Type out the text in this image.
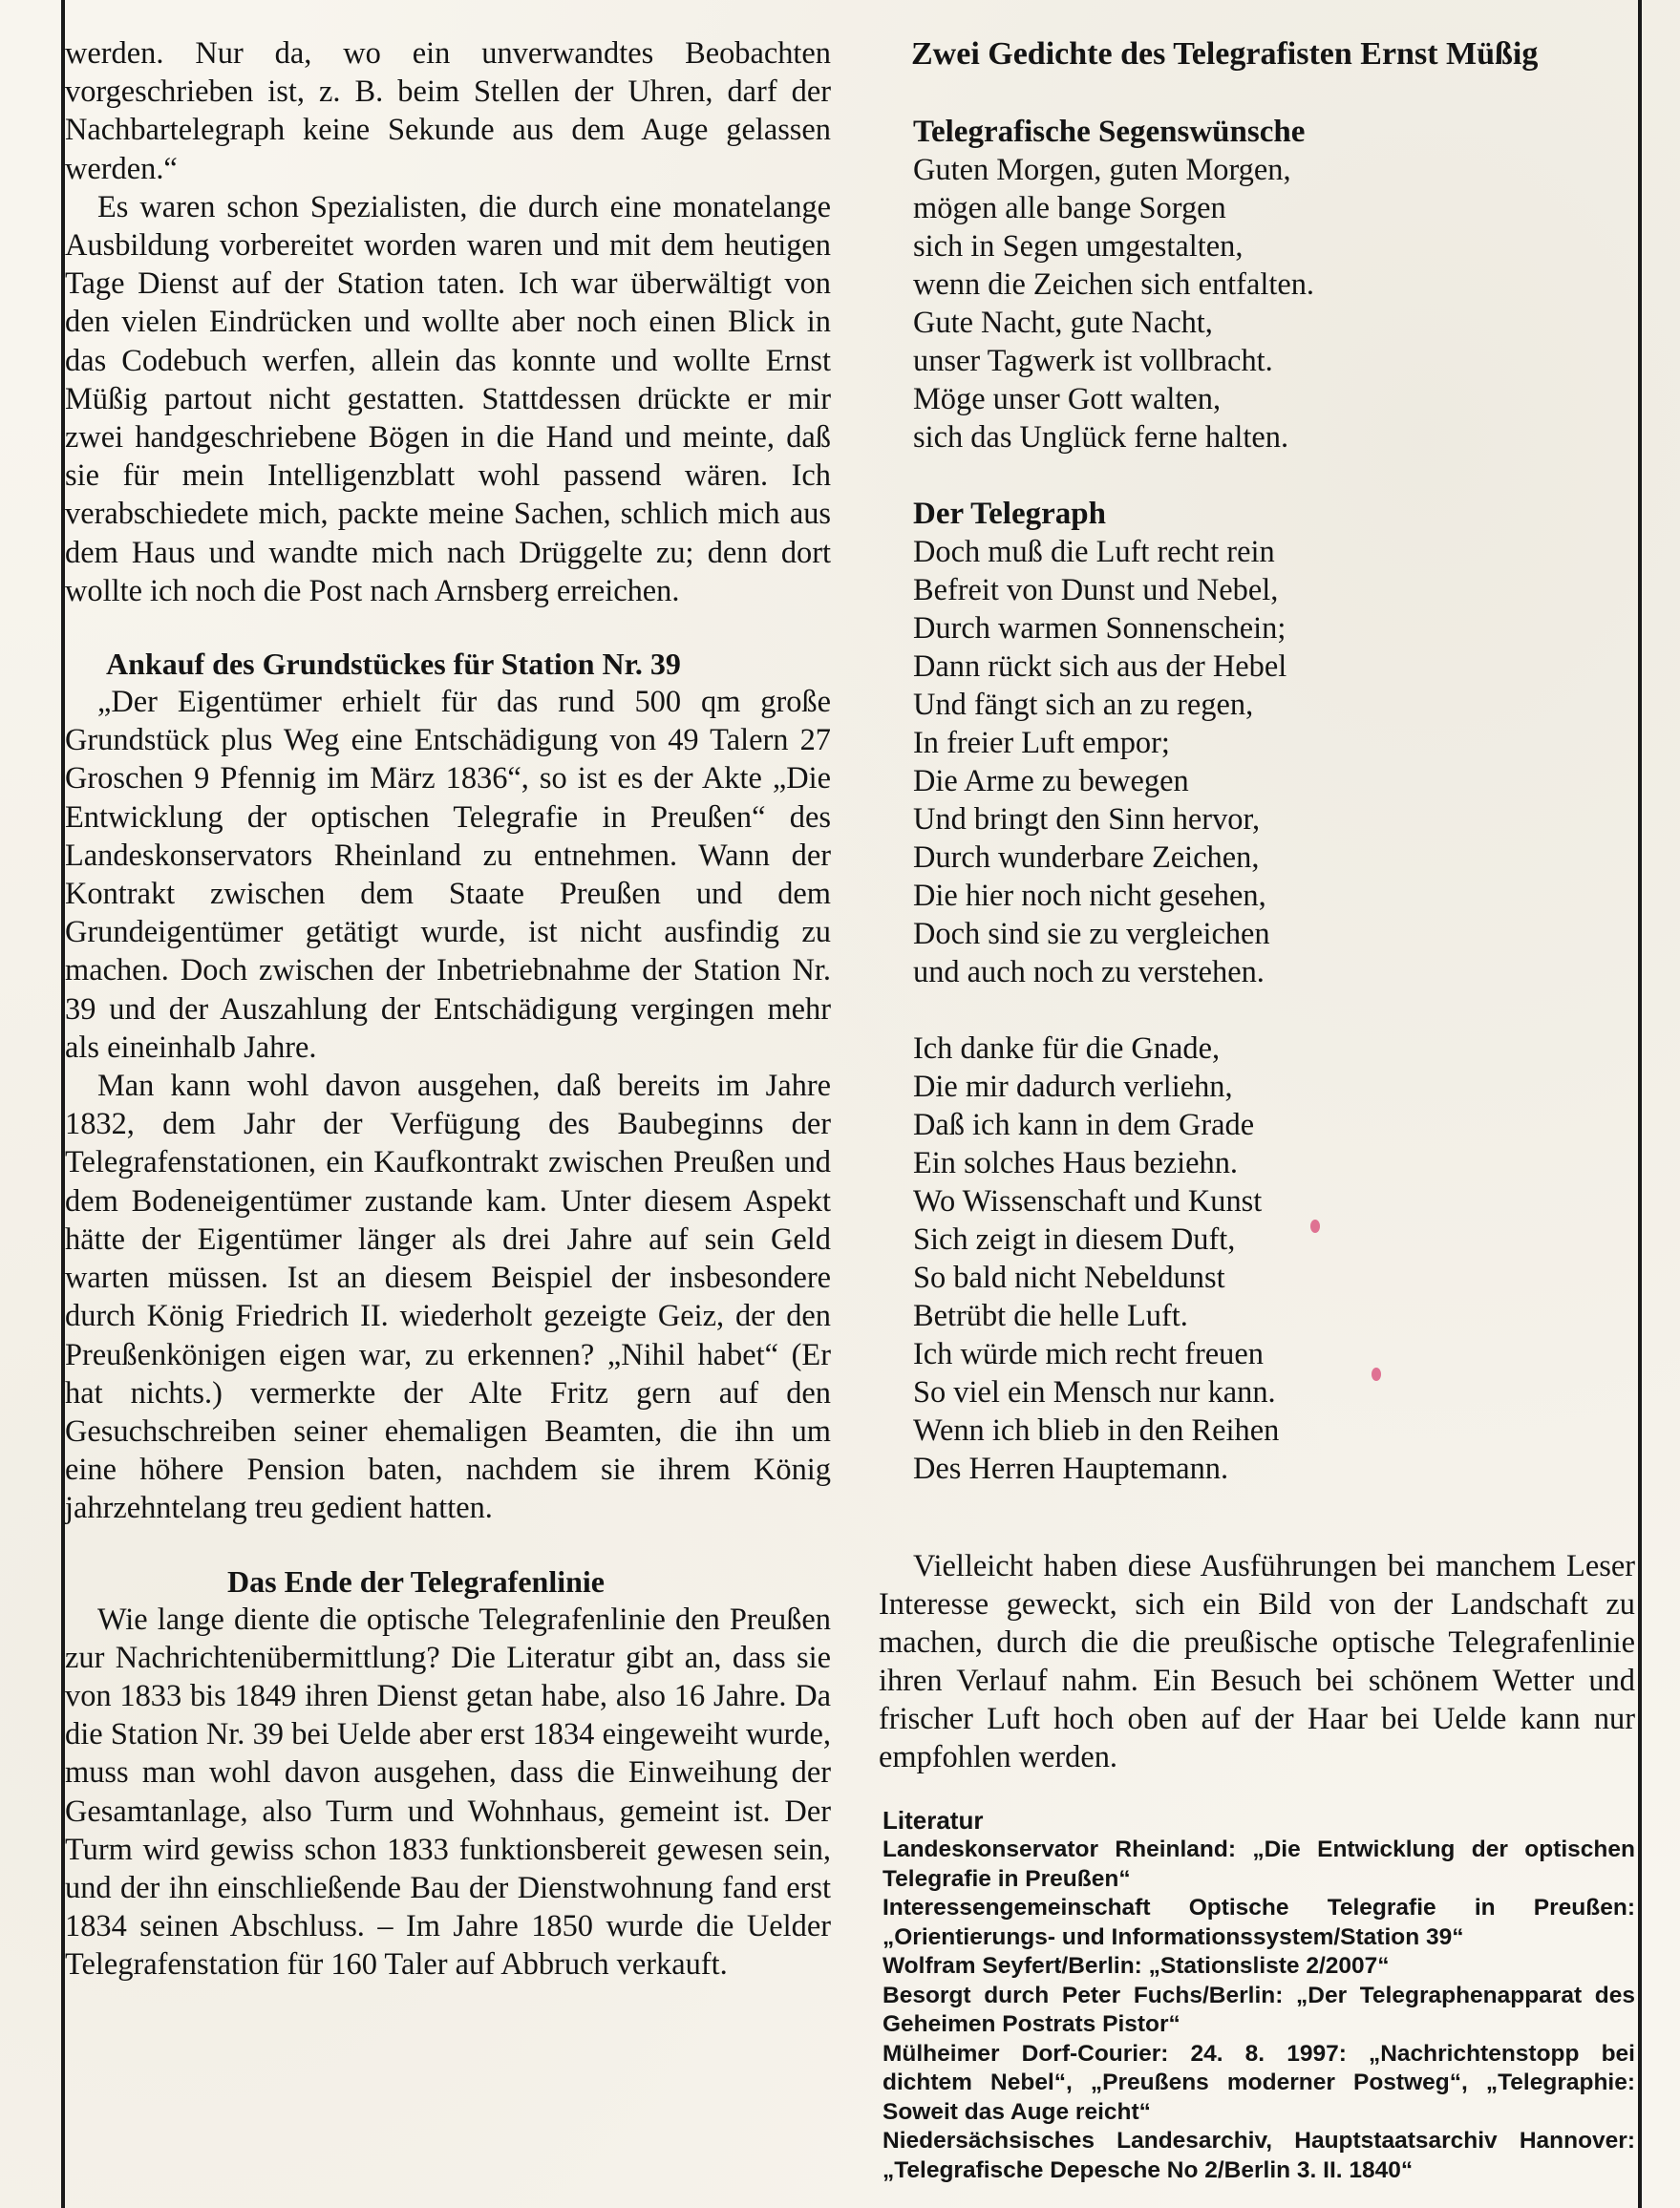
werden. Nur da, wo ein unverwandtes Beobachten vorgeschrieben ist, z. B. beim Stellen der Uhren, darf der Nachbartelegraph keine Sekunde aus dem Auge gelassen werden.“

Es waren schon Spezialisten, die durch eine monatelange Ausbildung vorbereitet worden waren und mit dem heutigen Tage Dienst auf der Station taten. Ich war überwältigt von den vielen Eindrücken und wollte aber noch einen Blick in das Codebuch werfen, allein das konnte und wollte Ernst Müßig partout nicht gestatten. Stattdessen drückte er mir zwei handgeschriebene Bögen in die Hand und meinte, daß sie für mein Intelligenzblatt wohl passend wären. Ich verabschiedete mich, packte meine Sachen, schlich mich aus dem Haus und wandte mich nach Drüggelte zu; denn dort wollte ich noch die Post nach Arnsberg erreichen.

Ankauf des Grundstückes für Station Nr. 39

„Der Eigentümer erhielt für das rund 500 qm große Grundstück plus Weg eine Entschädigung von 49 Talern 27 Groschen 9 Pfennig im März 1836“, so ist es der Akte „Die Entwicklung der optischen Telegrafie in Preußen“ des Landeskonservators Rheinland zu entnehmen. Wann der Kontrakt zwischen dem Staate Preußen und dem Grundeigentümer getätigt wurde, ist nicht ausfindig zu machen. Doch zwischen der Inbetriebnahme der Station Nr. 39 und der Auszahlung der Entschädigung vergingen mehr als eineinhalb Jahre.

Man kann wohl davon ausgehen, daß bereits im Jahre 1832, dem Jahr der Verfügung des Baubeginns der Telegrafenstationen, ein Kaufkontrakt zwischen Preußen und dem Bodeneigentümer zustande kam. Unter diesem Aspekt hätte der Eigentümer länger als drei Jahre auf sein Geld warten müssen. Ist an diesem Beispiel der insbesondere durch König Friedrich II. wiederholt gezeigte Geiz, der den Preußenkönigen eigen war, zu erkennen? „Nihil habet“ (Er hat nichts.) vermerkte der Alte Fritz gern auf den Gesuchschreiben seiner ehemaligen Beamten, die ihn um eine höhere Pension baten, nachdem sie ihrem König jahrzehntelang treu gedient hatten.

Das Ende der Telegrafenlinie

Wie lange diente die optische Telegrafenlinie den Preußen zur Nachrichtenübermittlung? Die Literatur gibt an, dass sie von 1833 bis 1849 ihren Dienst getan habe, also 16 Jahre. Da die Station Nr. 39 bei Uelde aber erst 1834 eingeweiht wurde, muss man wohl davon ausgehen, dass die Einweihung der Gesamtanlage, also Turm und Wohnhaus, gemeint ist. Der Turm wird gewiss schon 1833 funktionsbereit gewesen sein, und der ihn einschließende Bau der Dienstwohnung fand erst 1834 seinen Abschluss. – Im Jahre 1850 wurde die Uelder Telegrafenstation für 160 Taler auf Abbruch verkauft.

Zwei Gedichte des Telegrafisten Ernst Müßig
Telegrafische Segenswünsche
Guten Morgen, guten Morgen,
mögen alle bange Sorgen
sich in Segen umgestalten,
wenn die Zeichen sich entfalten.
Gute Nacht, gute Nacht,
unser Tagwerk ist vollbracht.
Möge unser Gott walten,
sich das Unglück ferne halten.
Der Telegraph
Doch muß die Luft recht rein
Befreit von Dunst und Nebel,
Durch warmen Sonnenschein;
Dann rückt sich aus der Hebel
Und fängt sich an zu regen,
In freier Luft empor;
Die Arme zu bewegen
Und bringt den Sinn hervor,
Durch wunderbare Zeichen,
Die hier noch nicht gesehen,
Doch sind sie zu vergleichen
und auch noch zu verstehen.
Ich danke für die Gnade,
Die mir dadurch verliehn,
Daß ich kann in dem Grade
Ein solches Haus beziehn.
Wo Wissenschaft und Kunst
Sich zeigt in diesem Duft,
So bald nicht Nebeldunst
Betrübt die helle Luft.
Ich würde mich recht freuen
So viel ein Mensch nur kann.
Wenn ich blieb in den Reihen
Des Herren Hauptemann.

Vielleicht haben diese Ausführungen bei manchem Leser Interesse geweckt, sich ein Bild von der Landschaft zu machen, durch die die preußische optische Telegrafenlinie ihren Verlauf nahm. Ein Besuch bei schönem Wetter und frischer Luft hoch oben auf der Haar bei Uelde kann nur empfohlen werden.

Literatur

Landeskonservator Rheinland: „Die Entwicklung der optischen Telegrafie in Preußen“

Interessengemeinschaft Optische Telegrafie in Preußen: „Orientierungs- und Informationssystem/Station 39“

Wolfram Seyfert/Berlin: „Stationsliste 2/2007“

Besorgt durch Peter Fuchs/Berlin: „Der Telegraphenapparat des Geheimen Postrats Pistor“

Mülheimer Dorf-Courier: 24. 8. 1997: „Nachrichtenstopp bei dichtem Nebel“, „Preußens moderner Postweg“, „Telegraphie: Soweit das Auge reicht“

Niedersächsisches Landesarchiv, Hauptstaatsarchiv Hannover: „Telegrafische Depesche No 2/Berlin 3. II. 1840“
